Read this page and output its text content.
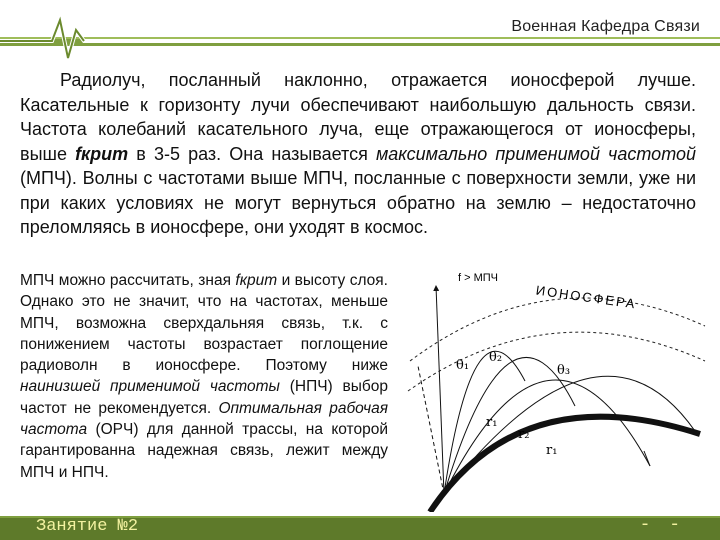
Военная Кафедра Связи
Радиолуч, посланный наклонно, отражается ионосферой лучше. Касательные к горизонту лучи обеспечивают наибольшую дальность связи. Частота колебаний касательного луча, еще отражающегося от ионосферы, выше fкрит в 3-5 раз. Она называется максимально применимой частотой (МПЧ). Волны с частотами выше МПЧ, посланные с поверхности земли, уже ни при каких условиях не могут вернуться обратно на землю – недостаточно преломляясь в ионосфере, они уходят в космос.
МПЧ можно рассчитать, зная fкрит и высоту слоя. Однако это не значит, что на частотах, меньше МПЧ, возможна сверхдальняя связь, т.к. с понижением частоты возрастает поглощение радиоволн в ионосфере. Поэтому ниже наинизшей применимой частоты (НПЧ) выбор частот не рекомендуется. Оптимальная рабочая частота (ОРЧ) для данной трассы, на которой гарантированна надежная связь, лежит между МПЧ и НПЧ.
f > МПЧ
ИОНОСФЕРА
θ₁
θ₂
θ₃
r₁
r₂
r₁
Занятие №2	- -
